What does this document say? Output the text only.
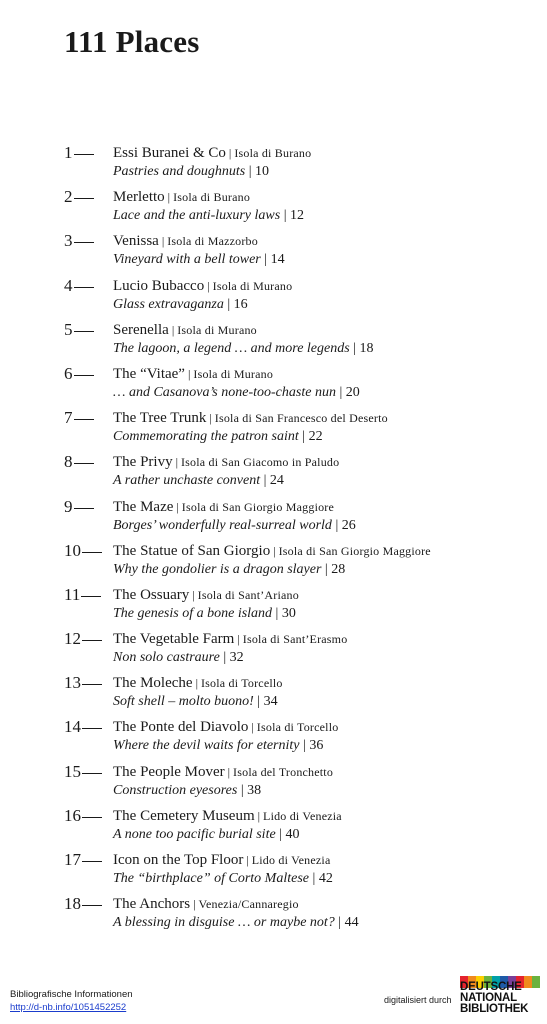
111 Places
1	Essi Buranei & Co | Isola di Burano
Pastries and doughnuts | 10
2	Merletto | Isola di Burano
Lace and the anti-luxury laws | 12
3	Venissa | Isola di Mazzorbo
Vineyard with a bell tower | 14
4	Lucio Bubacco | Isola di Murano
Glass extravaganza | 16
5	Serenella | Isola di Murano
The lagoon, a legend … and more legends | 18
6	The “Vitae” | Isola di Murano
… and Casanova’s none-too-chaste nun | 20
7	The Tree Trunk | Isola di San Francesco del Deserto
Commemorating the patron saint | 22
8	The Privy | Isola di San Giacomo in Paludo
A rather unchaste convent | 24
9	The Maze | Isola di San Giorgio Maggiore
Borges’ wonderfully real-surreal world | 26
10	The Statue of San Giorgio | Isola di San Giorgio Maggiore
Why the gondolier is a dragon slayer | 28
11	The Ossuary | Isola di Sant’Ariano
The genesis of a bone island | 30
12	The Vegetable Farm | Isola di Sant’Erasmo
Non solo castraure | 32
13	The Moleche | Isola di Torcello
Soft shell – molto buono! | 34
14	The Ponte del Diavolo | Isola di Torcello
Where the devil waits for eternity | 36
15	The People Mover | Isola del Tronchetto
Construction eyesores | 38
16	The Cemetery Museum | Lido di Venezia
A none too pacific burial site | 40
17	Icon on the Top Floor | Lido di Venezia
The “birthplace” of Corto Maltese | 42
18	The Anchors | Venezia/Cannaregio
A blessing in disguise … or maybe not? | 44
Bibliografische Informationen
http://d-nb.info/1051452252
digitalisiert durch
DEUTSCHE
NATIONAL
BIBLIOTHEK
